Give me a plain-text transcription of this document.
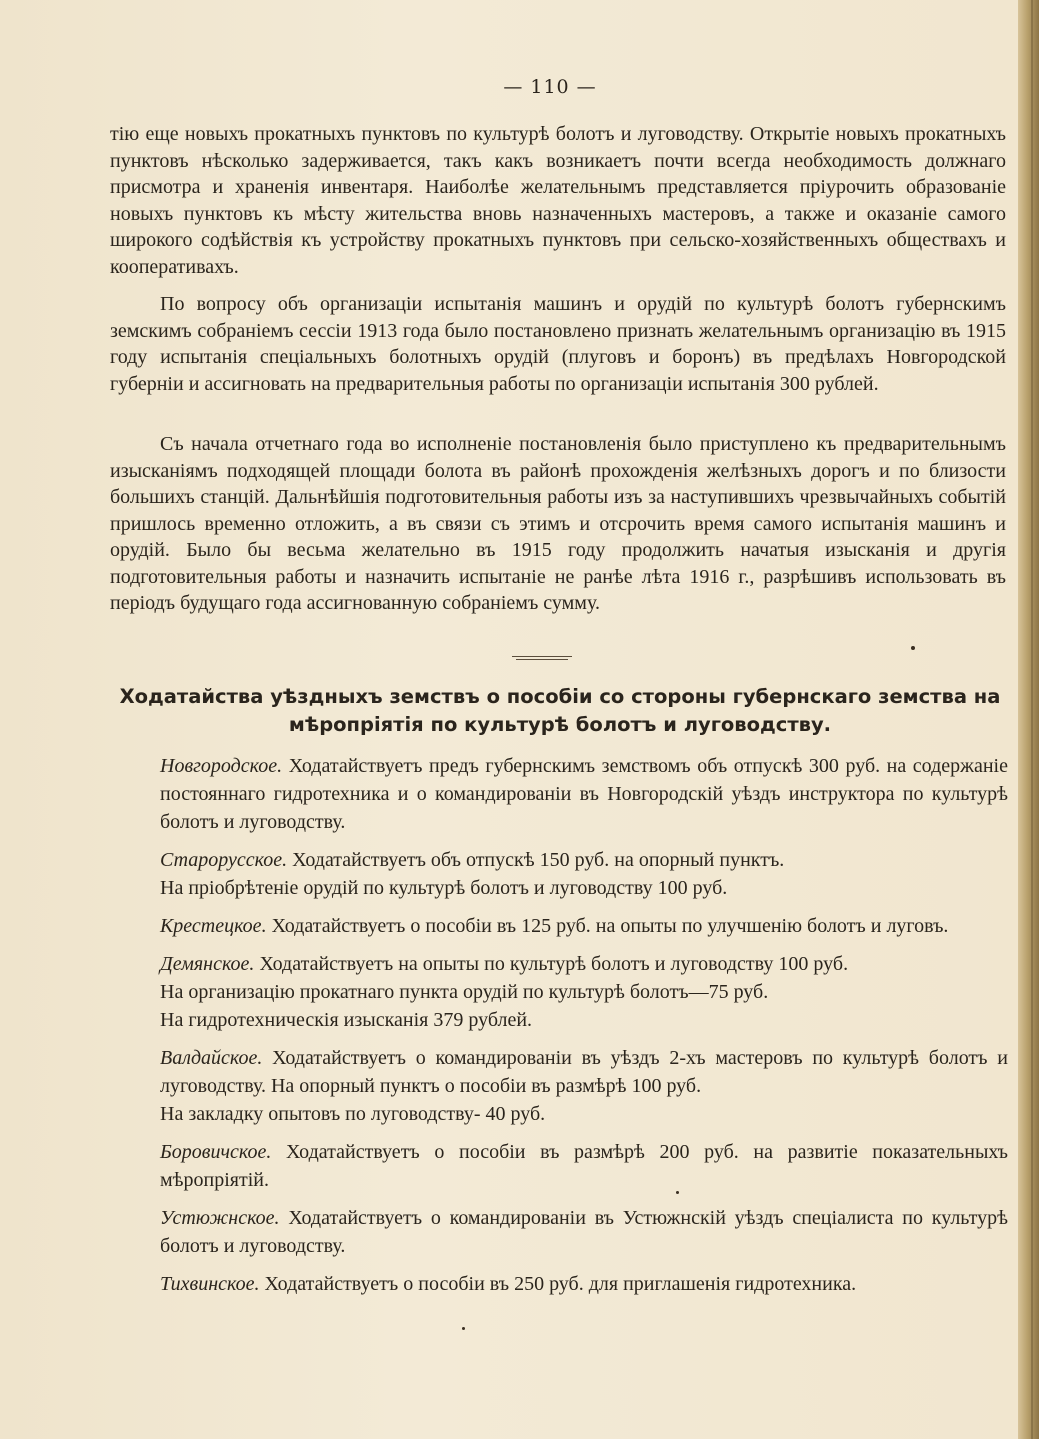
— 110 —

тію еще новыхъ прокатныхъ пунктовъ по культурѣ болотъ и луговодству. Открытіе новыхъ прокатныхъ пунктовъ нѣсколько задерживается, такъ какъ возникаетъ почти всегда необходимость должнаго присмотра и храненія инвентаря. Наиболѣе желательнымъ представляется пріурочить образованіе новыхъ пунктовъ къ мѣсту жительства вновь назначенныхъ мастеровъ, а также и оказаніе самого широкого содѣйствія къ устройству прокатныхъ пунктовъ при сельско-хозяйственныхъ обществахъ и кооперативахъ.

По вопросу объ организаціи испытанія машинъ и орудій по культурѣ болотъ губернскимъ земскимъ собраніемъ сессіи 1913 года было постановлено признать желательнымъ организацію въ 1915 году испытанія спеціальныхъ болотныхъ орудій (плуговъ и боронъ) въ предѣлахъ Новгородской губерніи и ассигновать на предварительныя работы по организаціи испытанія 300 рублей.

Съ начала отчетнаго года во исполненіе постановленія было приступлено къ предварительнымъ изысканіямъ подходящей площади болота въ районѣ прохожденія желѣзныхъ дорогъ и по близости большихъ станцій. Дальнѣйшія подготовительныя работы изъ за наступившихъ чрезвычайныхъ событій пришлось временно отложить, а въ связи съ этимъ и отсрочить время самого испытанія машинъ и орудій. Было бы весьма желательно въ 1915 году продолжить начатыя изысканія и другія подготовительныя работы и назначить испытаніе не ранѣе лѣта 1916 г., разрѣшивъ использовать въ періодъ будущаго года ассигнованную собраніемъ сумму.

Ходатайства уѣздныхъ земствъ о пособіи со стороны губернскаго земства на мѣропріятія по культурѣ болотъ и луговодству.
Новгородское. Ходатайствуетъ предъ губернскимъ земствомъ объ отпускѣ 300 руб. на содержаніе постояннаго гидротехника и о командированіи въ Новгородскій уѣздъ инструктора по культурѣ болотъ и луговодству.
Старорусское. Ходатайствуетъ объ отпускѣ 150 руб. на опорный пунктъ.
На пріобрѣтеніе орудій по культурѣ болотъ и луговодству 100 руб.
Крестецкое. Ходатайствуетъ о пособіи въ 125 руб. на опыты по улучшенію болотъ и луговъ.
Демянское. Ходатайствуетъ на опыты по культурѣ болотъ и луговодству 100 руб.
На организацію прокатнаго пункта орудій по культурѣ болотъ—75 руб.
На гидротехническія изысканія 379 рублей.
Валдайское. Ходатайствуетъ о командированіи въ уѣздъ 2-хъ мастеровъ по культурѣ болотъ и луговодству. На опорный пунктъ о пособіи въ размѣрѣ 100 руб.
На закладку опытовъ по луговодству- 40 руб.
Боровичское. Ходатайствуетъ о пособіи въ размѣрѣ 200 руб. на развитіе показательныхъ мѣропріятій.
Устюжнское. Ходатайствуетъ о командированіи въ Устюжнскій уѣздъ спеціалиста по культурѣ болотъ и луговодству.
Тихвинское. Ходатайствуетъ о пособіи въ 250 руб. для приглашенія гидротехника.
